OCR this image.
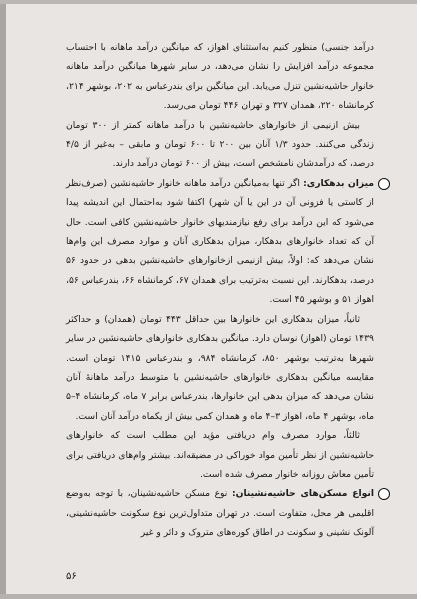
درآمد جنسی) منظور کنیم به‌استثنای اهواز، که میانگین درآمد ماهانه با احتساب مجموعه درآمد افزایش را نشان می‌دهد، در سایر شهرها میانگین درآمد ماهانه خانوار حاشیه‌نشین تنزل می‌یابد. این میانگین برای بندرعباس به ۲۰۲، بوشهر ۲۱۴، کرمانشاه ۲۲۰، همدان ۳۲۷ و تهران ۴۴۶ تومان می‌رسد.

بیش ازنیمی از خانوارهای حاشیه‌نشین با درآمد ماهانه کمتر از ۳۰۰ تومان زندگی می‌کنند. حدود ۱/۳ آنان بین ۲۰۰ تا ۶۰۰ تومان و مابقی – بەغیر از ۴/۵ درصد، که درآمدشان نامشخص است، بیش از ۶۰۰ تومان درآمد دارند.

میزان بدهکاری: اگر تنها بەمیانگین درآمد ماهانه خانوار حاشیه‌نشین (صرف‌نظر از کاستی یا فزونی آن در این یا آن شهر) اکتفا شود بەاحتمال این اندیشه پیدا می‌شود که این درآمد برای رفع نیازمندیهای خانوار حاشیه‌نشین کافی است. حال آن که تعداد خانوارهای بدهکار، میزان بدهکاری آنان و موارد مصرف این وام‌ها نشان می‌دهد که: اولاً، بیش ازنیمی ازخانوارهای حاشیه‌نشین بدهی در حدود ۵۶ درصد، بدهکارند. این نسبت بەترتیب برای همدان ۶۷، کرمانشاه ۶۶، بندرعباس ۵۶، اهواز ۵۱ و بوشهر ۴۵ است.

ثانیاً، میزان بدهکاری این خانوارها بین حداقل ۴۴۳ تومان (همدان) و حداکثر ۱۴۳۹ تومان (اهواز) نوسان دارد. میانگین بدهکاری خانوارهای حاشیه‌نشین در سایر شهرها بەترتیب بوشهر ۸۵۰، کرمانشاه ۹۸۴، و بندرعباس ۱۴۱۵ تومان است. مقایسه میانگین بدهکاری خانوارهای حاشیه‌نشین با متوسط درآمد ماهانهٔ آنان نشان می‌دهد که میزان بدهی این خانوارها، بندرعباس برابر ۷ ماه، کرمانشاه ۴–۵ ماه، بوشهر ۴ ماه، اهواز ۳–۴ ماه و همدان کمی بیش از یکماه درآمد آنان است.

ثالثاً، موارد مصرف وام دریافتی مؤید این مطلب است که خانوارهای حاشیه‌نشین از نظر تأمین مواد خوراکی در مضیقه‌اند. بیشتر وام‌های دریافتی برای تأمین معاش روزانه خانوار مصرف شده است.

انواع مسکن‌های حاشیه‌نشینان: نوع مسکن حاشیه‌نشینان، با توجه به‌وضع اقلیمی هر محل، متفاوت است. در تهران متداول‌ترین نوع سکونت حاشیه‌نشینی، آلونک نشینی و سکونت در اطاق کوره‌های متروک و دائر و غیر

۵۶
